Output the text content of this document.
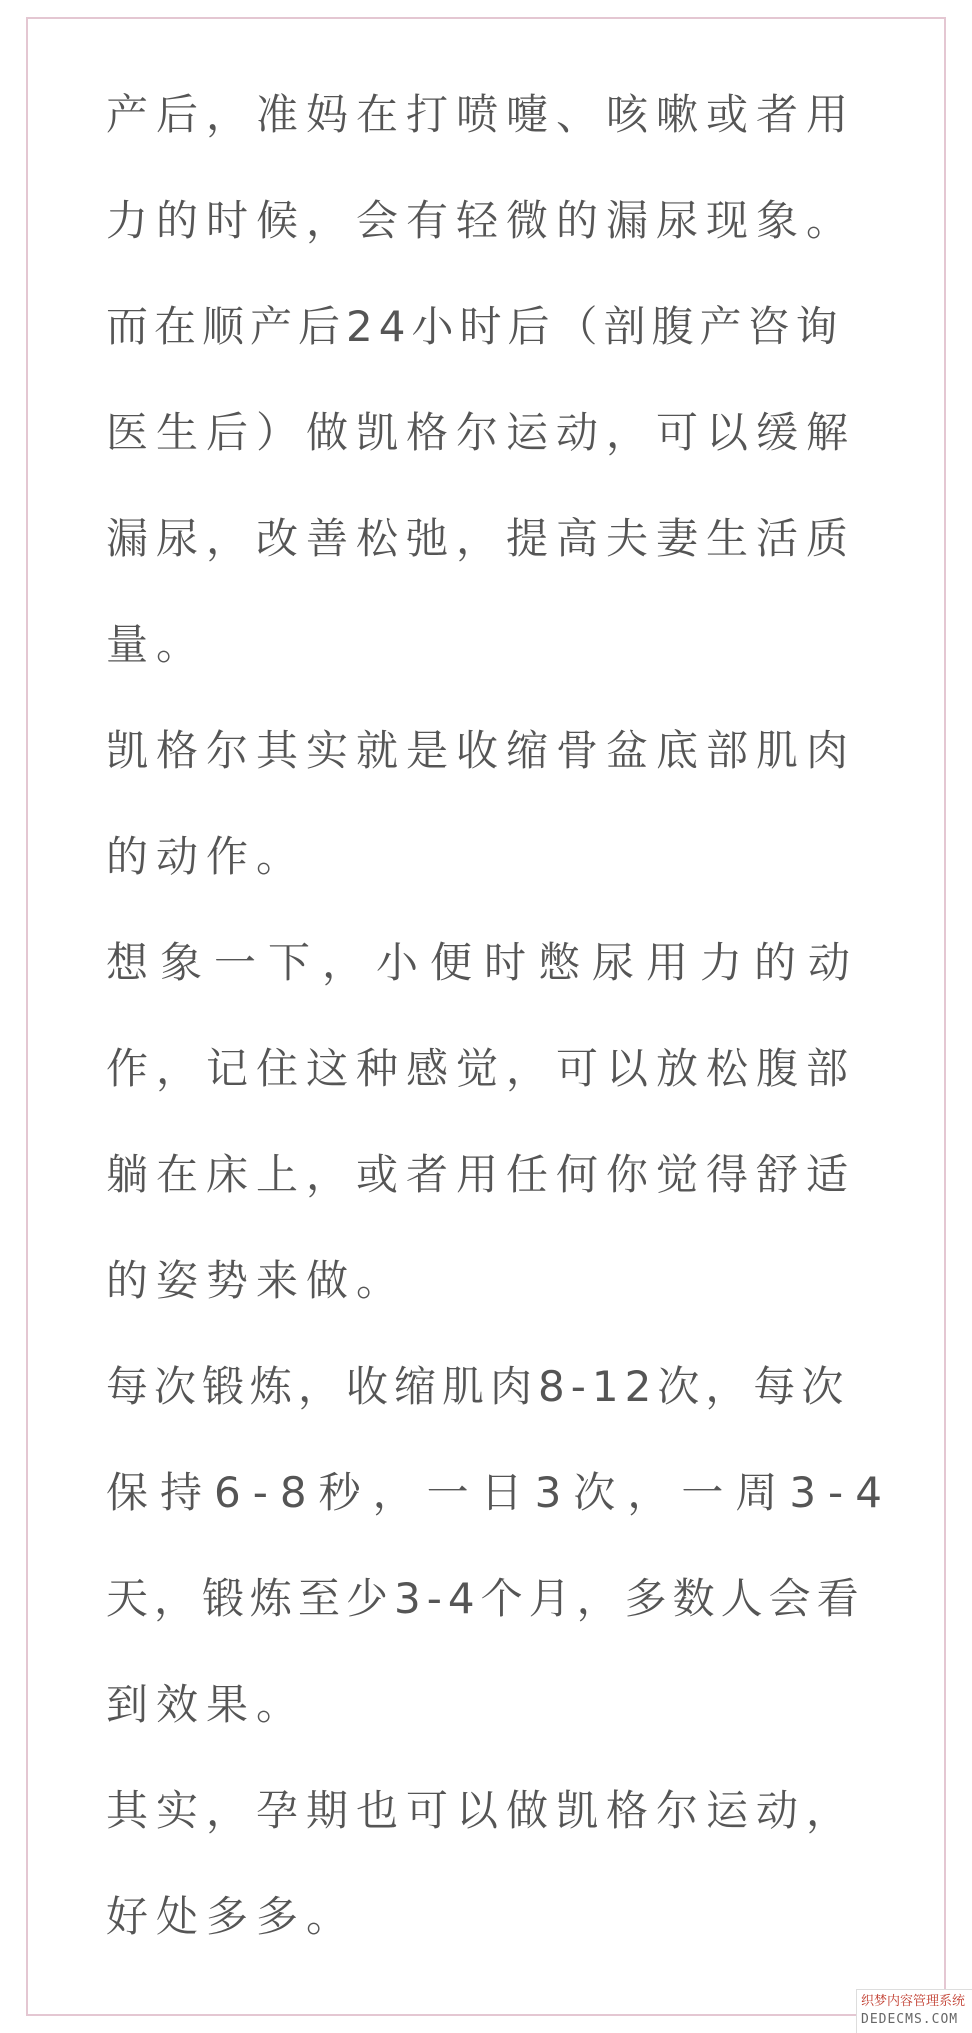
产后，准妈在打喷嚏、咳嗽或者用
力的时候，会有轻微的漏尿现象。
而在顺产后24小时后（剖腹产咨询
医生后）做凯格尔运动，可以缓解
漏尿，改善松弛，提高夫妻生活质
量。
凯格尔其实就是收缩骨盆底部肌肉
的动作。
想象一下，小便时憋尿用力的动
作，记住这种感觉，可以放松腹部
躺在床上，或者用任何你觉得舒适
的姿势来做。
每次锻炼，收缩肌肉8-12次，每次
保持6-8秒，一日3次，一周3-4
天，锻炼至少3-4个月，多数人会看
到效果。
其实，孕期也可以做凯格尔运动，
好处多多。
织梦内容管理系统
DEDECMS.COM
